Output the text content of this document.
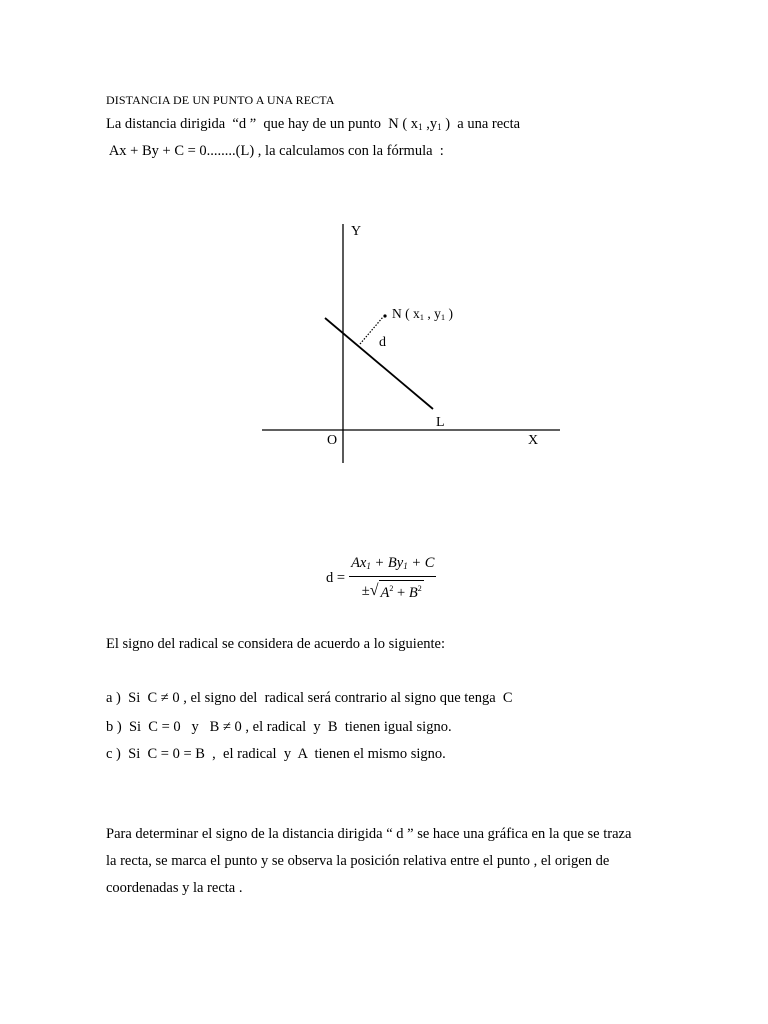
DISTANCIA DE UN PUNTO A UNA RECTA
La distancia dirigida  “d ”  que hay de un punto  N ( $x_1$ $,y_1$ )  a una recta
Ax + By + C = 0........(L) , la calculamos con la fórmula  :
Y
X
O
L
d
N ( x1 , y1 )
$d = \frac{Ax_1 + By_1 + C}{\pm √ A^2 + B^2}$
El signo del radical se considera de acuerdo a lo siguiente:
a )  Si  C ≠ 0 , el signo del  radical será contrario al signo que tenga  C
b )  Si  C = 0   y   B ≠ 0 , el radical  y  B  tienen igual signo.
c )  Si  C = 0 = B  ,  el radical  y  A  tienen el mismo signo.
Para determinar el signo de la distancia dirigida “ d ” se hace una gráfica en la que se traza
la recta, se marca el punto y se observa la posición relativa entre el punto , el origen de
coordenadas y la recta .
